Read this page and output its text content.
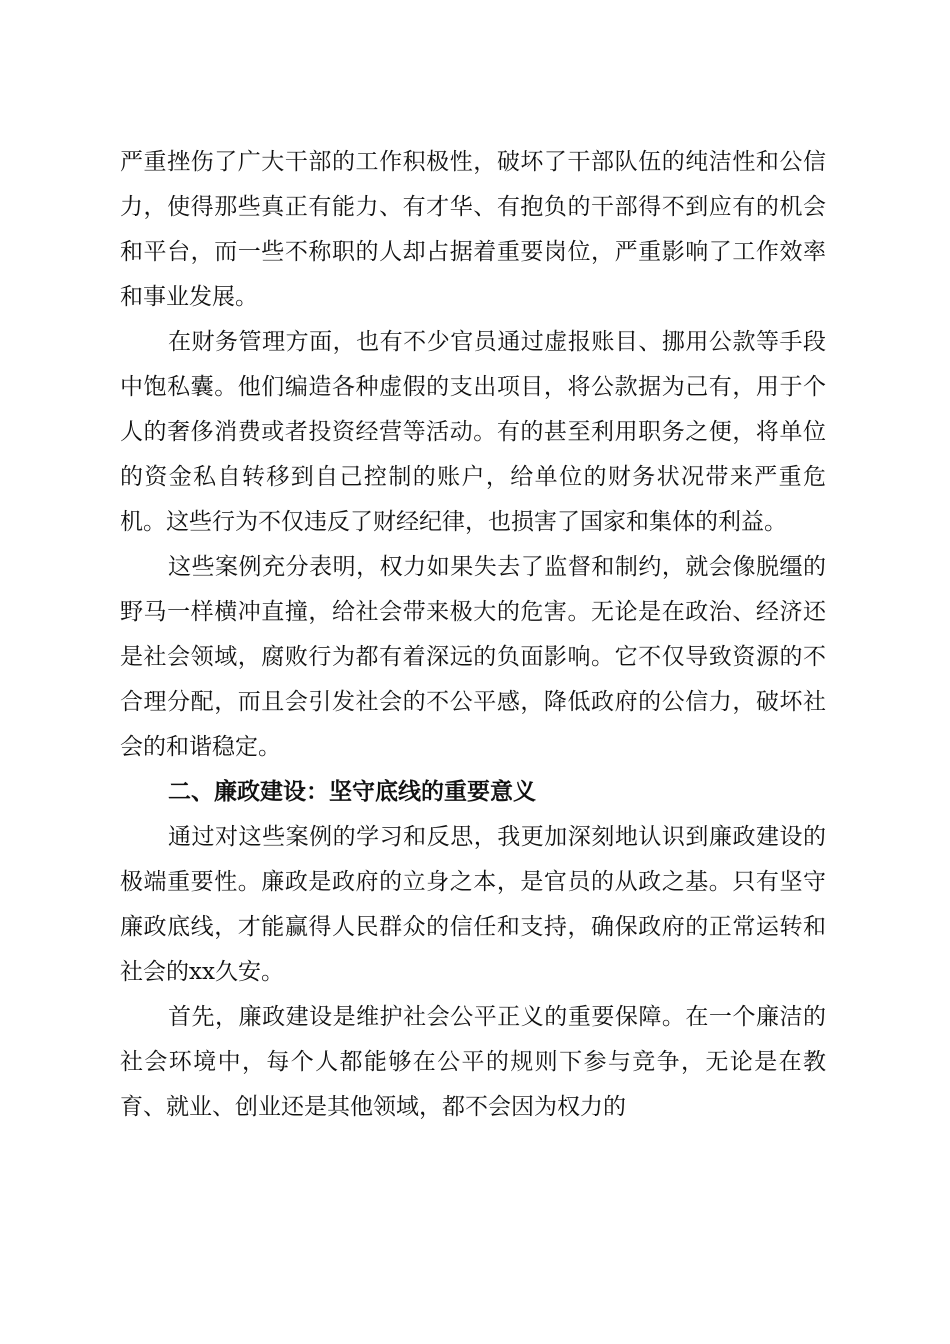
严重挫伤了广大干部的工作积极性，破坏了干部队伍的纯洁性和公信力，使得那些真正有能力、有才华、有抱负的干部得不到应有的机会和平台，而一些不称职的人却占据着重要岗位，严重影响了工作效率和事业发展。

在财务管理方面，也有不少官员通过虚报账目、挪用公款等手段中饱私囊。他们编造各种虚假的支出项目，将公款据为己有，用于个人的奢侈消费或者投资经营等活动。有的甚至利用职务之便，将单位的资金私自转移到自己控制的账户，给单位的财务状况带来严重危机。这些行为不仅违反了财经纪律，也损害了国家和集体的利益。

这些案例充分表明，权力如果失去了监督和制约，就会像脱缰的野马一样横冲直撞，给社会带来极大的危害。无论是在政治、经济还是社会领域，腐败行为都有着深远的负面影响。它不仅导致资源的不合理分配，而且会引发社会的不公平感，降低政府的公信力，破坏社会的和谐稳定。

二、廉政建设：坚守底线的重要意义

通过对这些案例的学习和反思，我更加深刻地认识到廉政建设的极端重要性。廉政是政府的立身之本，是官员的从政之基。只有坚守廉政底线，才能赢得人民群众的信任和支持，确保政府的正常运转和社会的xx久安。

首先，廉政建设是维护社会公平正义的重要保障。在一个廉洁的社会环境中，每个人都能够在公平的规则下参与竞争，无论是在教育、就业、创业还是其他领域，都不会因为权力的
